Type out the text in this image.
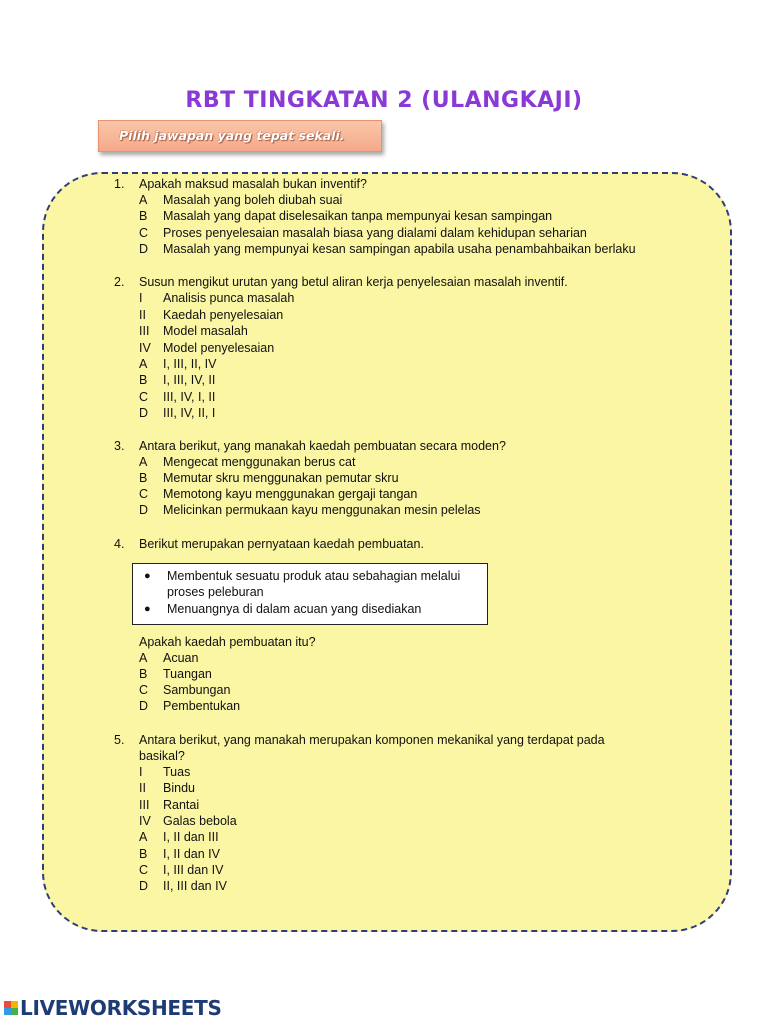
RBT TINGKATAN 2 (ULANGKAJI)
Pilih jawapan yang tepat sekali.
1. Apakah maksud masalah bukan inventif?
A Masalah yang boleh diubah suai
B Masalah yang dapat diselesaikan tanpa mempunyai kesan sampingan
C Proses penyelesaian masalah biasa yang dialami dalam kehidupan seharian
D Masalah yang mempunyai kesan sampingan apabila usaha penambahbaikan berlaku
2. Susun mengikut urutan yang betul aliran kerja penyelesaian masalah inventif.
I Analisis punca masalah
II Kaedah penyelesaian
III Model masalah
IV Model penyelesaian
A I, III, II, IV
B I, III, IV, II
C III, IV, I, II
D III, IV, II, I
3. Antara berikut, yang manakah kaedah pembuatan secara moden?
A Mengecat menggunakan berus cat
B Memutar skru menggunakan pemutar skru
C Memotong kayu menggunakan gergaji tangan
D Melicinkan permukaan kayu menggunakan mesin pelelas
4. Berikut merupakan pernyataan kaedah pembuatan.
● Membentuk sesuatu produk atau sebahagian melalui
proses peleburan
● Menuangnya di dalam acuan yang disediakan
Apakah kaedah pembuatan itu?
A Acuan
B Tuangan
C Sambungan
D Pembentukan
5. Antara berikut, yang manakah merupakan komponen mekanikal yang terdapat pada
basikal?
I Tuas
II Bindu
III Rantai
IV Galas bebola
A I, II dan III
B I, II dan IV
C I, III dan IV
D II, III dan IV
LIVEWORKSHEETS
